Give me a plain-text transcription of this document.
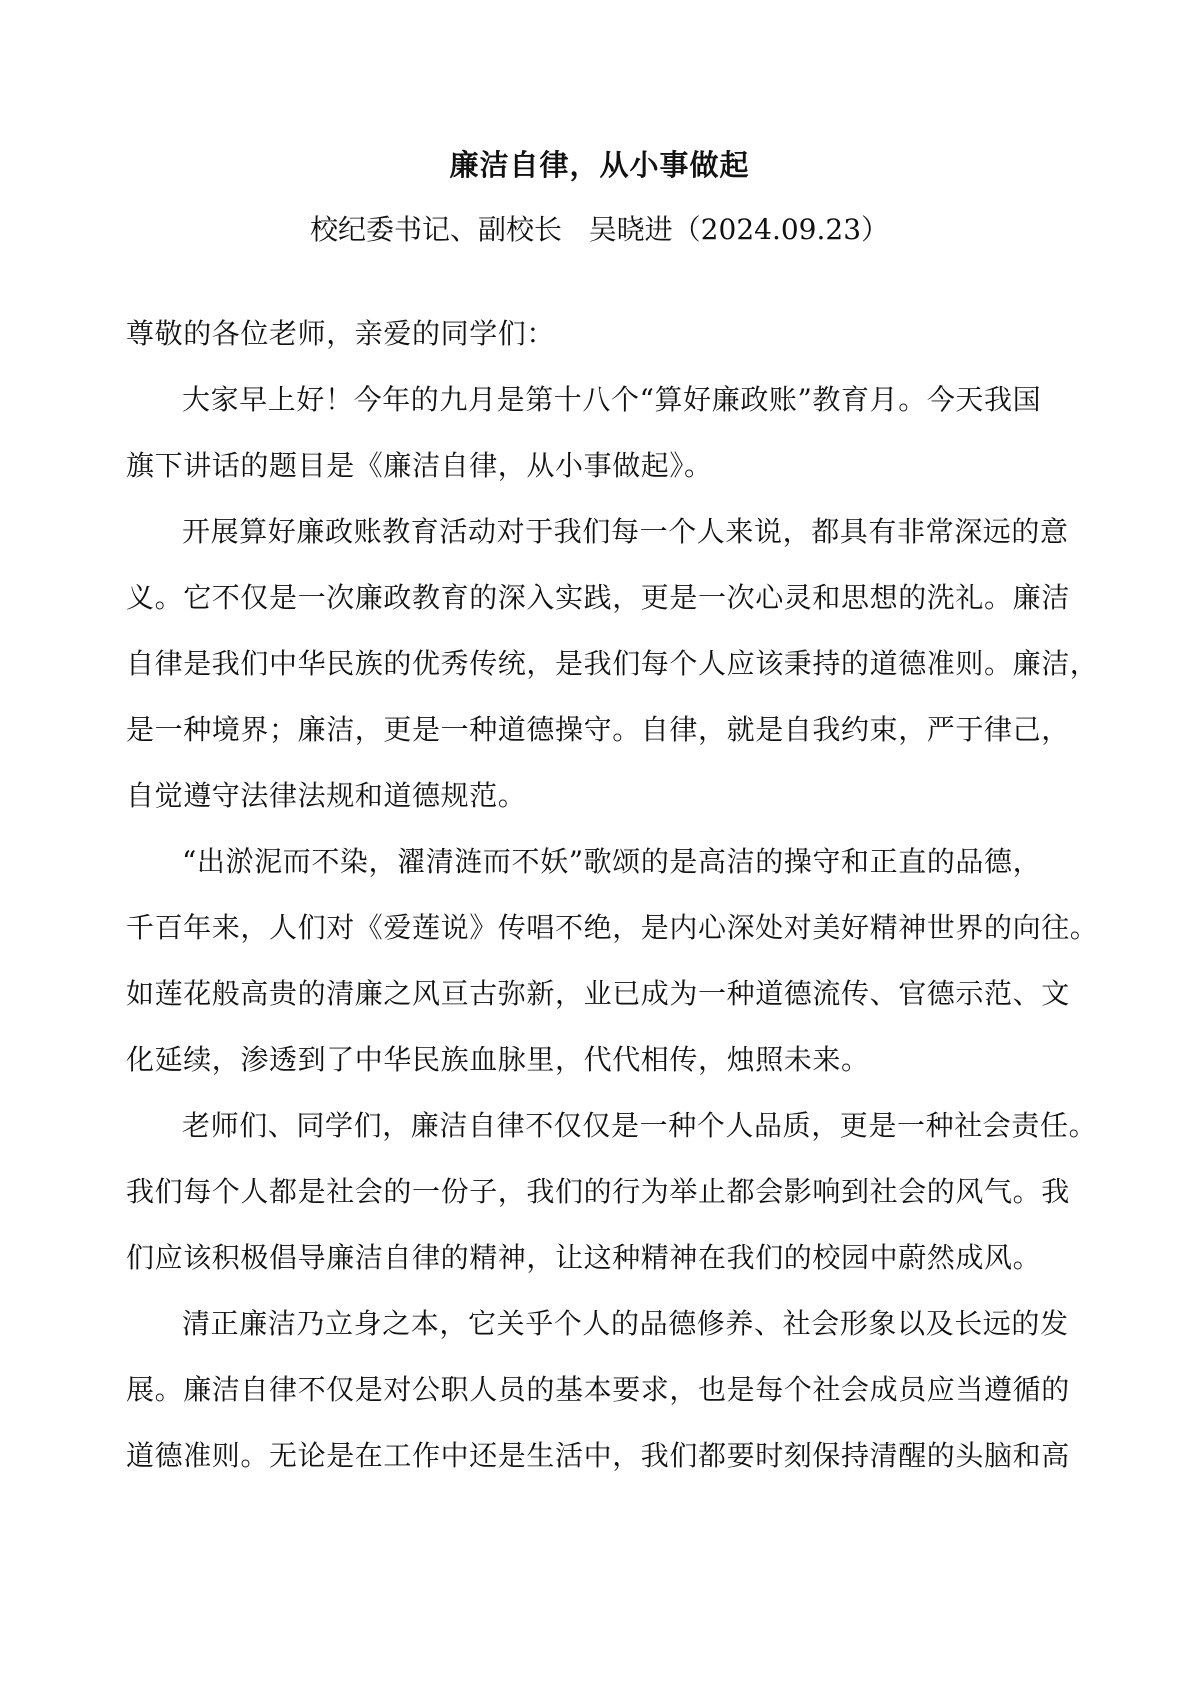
廉洁自律，从小事做起
校纪委书记、副校长   吴晓进（2024.09.23）
尊敬的各位老师，亲爱的同学们：
大家早上好！今年的九月是第十八个“算好廉政账”教育月。今天我国
旗下讲话的题目是《廉洁自律，从小事做起》。
开展算好廉政账教育活动对于我们每一个人来说，都具有非常深远的意
义。它不仅是一次廉政教育的深入实践，更是一次心灵和思想的洗礼。廉洁
自律是我们中华民族的优秀传统，是我们每个人应该秉持的道德准则。廉洁，
是一种境界；廉洁，更是一种道德操守。自律，就是自我约束，严于律己，
自觉遵守法律法规和道德规范。
“出淤泥而不染，濯清涟而不妖”歌颂的是高洁的操守和正直的品德，
千百年来，人们对《爱莲说》传唱不绝，是内心深处对美好精神世界的向往。
如莲花般高贵的清廉之风亘古弥新，业已成为一种道德流传、官德示范、文
化延续，渗透到了中华民族血脉里，代代相传，烛照未来。
老师们、同学们，廉洁自律不仅仅是一种个人品质，更是一种社会责任。
我们每个人都是社会的一份子，我们的行为举止都会影响到社会的风气。我
们应该积极倡导廉洁自律的精神，让这种精神在我们的校园中蔚然成风。
清正廉洁乃立身之本，它关乎个人的品德修养、社会形象以及长远的发
展。廉洁自律不仅是对公职人员的基本要求，也是每个社会成员应当遵循的
道德准则。无论是在工作中还是生活中，我们都要时刻保持清醒的头脑和高
